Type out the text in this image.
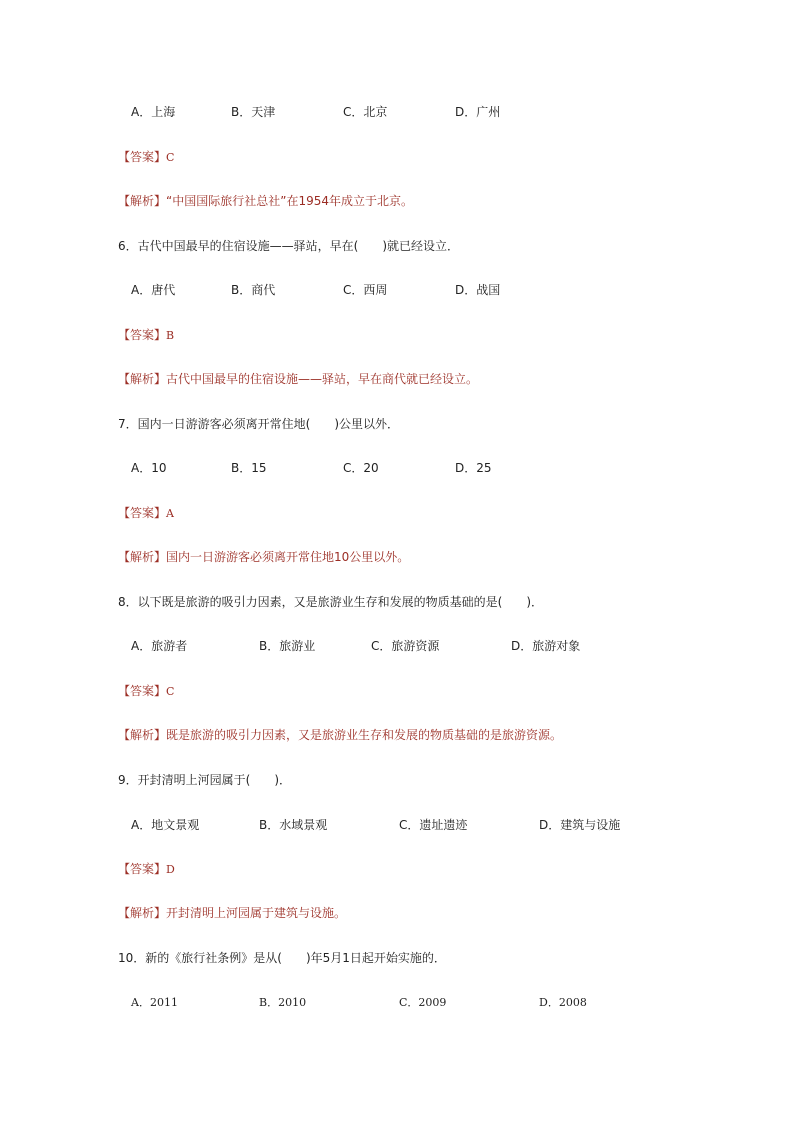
A．上海	B．天津	C．北京	D．广州
【答案】C
【解析】“中国国际旅行社总社”在1954年成立于北京。
6．古代中国最早的住宿设施——驿站，早在(　　)就已经设立．
A．唐代	B．商代	C．西周	D．战国
【答案】B
【解析】古代中国最早的住宿设施——驿站，早在商代就已经设立。
7．国内一日游游客必须离开常住地(　　)公里以外．
A．10	B．15	C．20	D．25
【答案】A
【解析】国内一日游游客必须离开常住地10公里以外。
8．以下既是旅游的吸引力因素，又是旅游业生存和发展的物质基础的是(　　)．
A．旅游者	B．旅游业	C．旅游资源	D．旅游对象
【答案】C
【解析】既是旅游的吸引力因素，又是旅游业生存和发展的物质基础的是旅游资源。
9．开封清明上河园属于(　　)．
A．地文景观	B．水域景观	C．遗址遗迹	D．建筑与设施
【答案】D
【解析】开封清明上河园属于建筑与设施。
10．新的《旅行社条例》是从(　　)年5月1日起开始实施的．
A．2011	B．2010	C．2009	D．2008
